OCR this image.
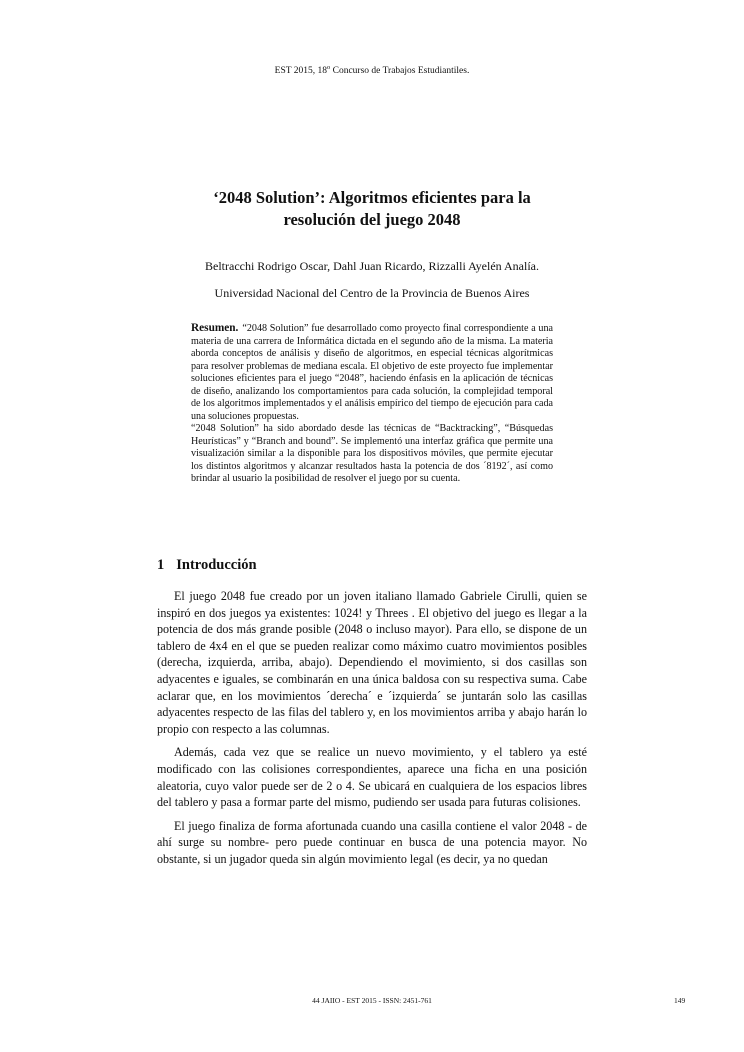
EST 2015, 18$^o$ Concurso de Trabajos Estudiantiles.
‘2048 Solution’: Algoritmos eficientes para la
resolución del juego 2048
Beltracchi Rodrigo Oscar, Dahl Juan Ricardo, Rizzalli Ayelén Analía.
Universidad Nacional del Centro de la Provincia de Buenos Aires

Resumen. “2048 Solution” fue desarrollado como proyecto final correspondiente a una materia de una carrera de Informática dictada en el segundo año de la misma. La materia aborda conceptos de análisis y diseño de algoritmos, en especial técnicas algorítmicas para resolver problemas de mediana escala. El objetivo de este proyecto fue implementar soluciones eficientes para el juego “2048”, haciendo énfasis en la aplicación de técnicas de diseño, analizando los comportamientos para cada solución, la complejidad temporal de los algoritmos implementados y el análisis empírico del tiempo de ejecución para cada una soluciones propuestas.

“2048 Solution” ha sido abordado desde las técnicas de “Backtracking”, “Búsquedas Heurísticas” y “Branch and bound”. Se implementó una interfaz gráfica que permite una visualización similar a la disponible para los dispositivos móviles, que permite ejecutar los distintos algoritmos y alcanzar resultados hasta la potencia de dos ´8192´, así como brindar al usuario la posibilidad de resolver el juego por su cuenta.

1 Introducción

El juego 2048 fue creado por un joven italiano llamado Gabriele Cirulli, quien se inspiró en dos juegos ya existentes: 1024! y Threes . El objetivo del juego es llegar a la potencia de dos más grande posible (2048 o incluso mayor). Para ello, se dispone de un tablero de 4x4 en el que se pueden realizar como máximo cuatro movimientos posibles (derecha, izquierda, arriba, abajo). Dependiendo el movimiento, si dos casillas son adyacentes e iguales, se combinarán en una única baldosa con su respectiva suma. Cabe aclarar que, en los movimientos ´derecha´ e ´izquierda´ se juntarán solo las casillas adyacentes respecto de las filas del tablero y, en los movimientos arriba y abajo harán lo propio con respecto a las columnas.

Además, cada vez que se realice un nuevo movimiento, y el tablero ya esté modificado con las colisiones correspondientes, aparece una ficha en una posición aleatoria, cuyo valor puede ser de 2 o 4. Se ubicará en cualquiera de los espacios libres del tablero y pasa a formar parte del mismo, pudiendo ser usada para futuras colisiones.

El juego finaliza de forma afortunada cuando una casilla contiene el valor 2048 - de ahí surge su nombre- pero puede continuar en busca de una potencia mayor. No obstante, si un jugador queda sin algún movimiento legal (es decir, ya no quedan

44 JAIIO - EST 2015 - ISSN: 2451-761	149
